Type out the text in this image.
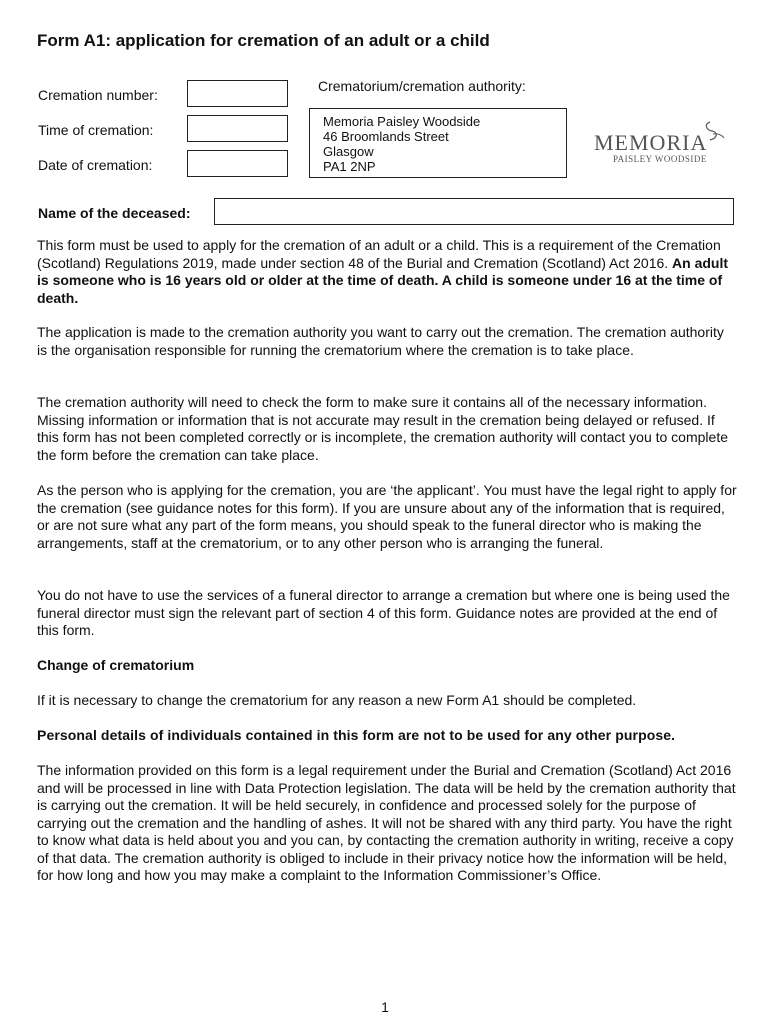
Form A1: application for cremation of an adult or a child
Cremation number:
Time of cremation:
Date of cremation:
Crematorium/cremation authority:
Memoria Paisley Woodside
46 Broomlands Street
Glasgow
PA1 2NP
MEMORIA
PAISLEY WOODSIDE
Name of the deceased:

This form must be used to apply for the cremation of an adult or a child. This is a requirement of the Cremation (Scotland) Regulations 2019, made under section 48 of the Burial and Cremation (Scotland) Act 2016. An adult is someone who is 16 years old or older at the time of death. A child is someone under 16 at the time of death.

The application is made to the cremation authority you want to carry out the cremation. The cremation authority is the organisation responsible for running the crematorium where the cremation is to take place.

The cremation authority will need to check the form to make sure it contains all of the necessary information. Missing information or information that is not accurate may result in the cremation being delayed or refused. If this form has not been completed correctly or is incomplete, the cremation authority will contact you to complete the form before the cremation can take place.

As the person who is applying for the cremation, you are ‘the applicant’. You must have the legal right to apply for the cremation (see guidance notes for this form). If you are unsure about any of the information that is required, or are not sure what any part of the form means, you should speak to the funeral director who is making the arrangements, staff at the crematorium, or to any other person who is arranging the funeral.

You do not have to use the services of a funeral director to arrange a cremation but where one is being used the funeral director must sign the relevant part of section 4 of this form. Guidance notes are provided at the end of this form.

Change of crematorium

If it is necessary to change the crematorium for any reason a new Form A1 should be completed.

Personal details of individuals contained in this form are not to be used for any other purpose.

The information provided on this form is a legal requirement under the Burial and Cremation (Scotland) Act 2016 and will be processed in line with Data Protection legislation. The data will be held by the cremation authority that is carrying out the cremation. It will be held securely, in confidence and processed solely for the purpose of carrying out the cremation and the handling of ashes. It will not be shared with any third party. You have the right to know what data is held about you and you can, by contacting the cremation authority in writing, receive a copy of that data. The cremation authority is obliged to include in their privacy notice how the information will be held, for how long and how you may make a complaint to the Information Commissioner’s Office.

1
